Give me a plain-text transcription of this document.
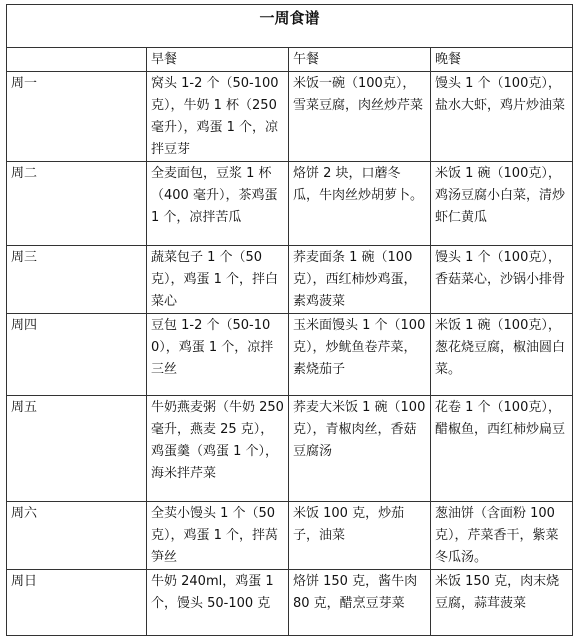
一周食谱			
	早餐	午餐	晚餐
周一	窝头 1-2 个（50-100 克），牛奶 1 杯（250 毫升），鸡蛋 1 个，凉拌豆芽	米饭一碗（100克），雪菜豆腐，肉丝炒芹菜	馒头 1 个（100克），盐水大虾，鸡片炒油菜
周二	全麦面包，豆浆 1 杯（400 毫升），茶鸡蛋 1 个，凉拌苦瓜	烙饼 2 块，口蘑冬瓜，牛肉丝炒胡萝卜。	米饭 1 碗（100克），鸡汤豆腐小白菜，清炒虾仁黄瓜
周三	蔬菜包子 1 个（50克），鸡蛋 1 个，拌白菜心	荞麦面条 1 碗（100 克），西红柿炒鸡蛋，素鸡菠菜	馒头 1 个（100克），香菇菜心，沙锅小排骨
周四	豆包 1-2 个（50-100），鸡蛋 1 个，凉拌三丝	玉米面馒头 1 个（100 克），炒鱿鱼卷芹菜，素烧茄子	米饭 1 碗（100克），葱花烧豆腐，椒油圆白菜。
周五	牛奶燕麦粥（牛奶 250 毫升，燕麦 25 克），鸡蛋羹（鸡蛋 1 个），海米拌芹菜	荞麦大米饭 1 碗（100 克），青椒肉丝，香菇豆腐汤	花卷 1 个（100克），醋椒鱼，西红柿炒扁豆
周六	全荬小馒头 1 个（50 克），鸡蛋 1 个，拌莴笋丝	米饭 100 克，炒茄子，油菜	葱油饼（含面粉 100 克），芹菜香干，紫菜冬瓜汤。
周日	牛奶 240ml，鸡蛋 1 个，馒头 50-100 克	烙饼 150 克，酱牛肉 80 克，醋烹豆芽菜	米饭 150 克，肉末烧豆腐，蒜茸菠菜
